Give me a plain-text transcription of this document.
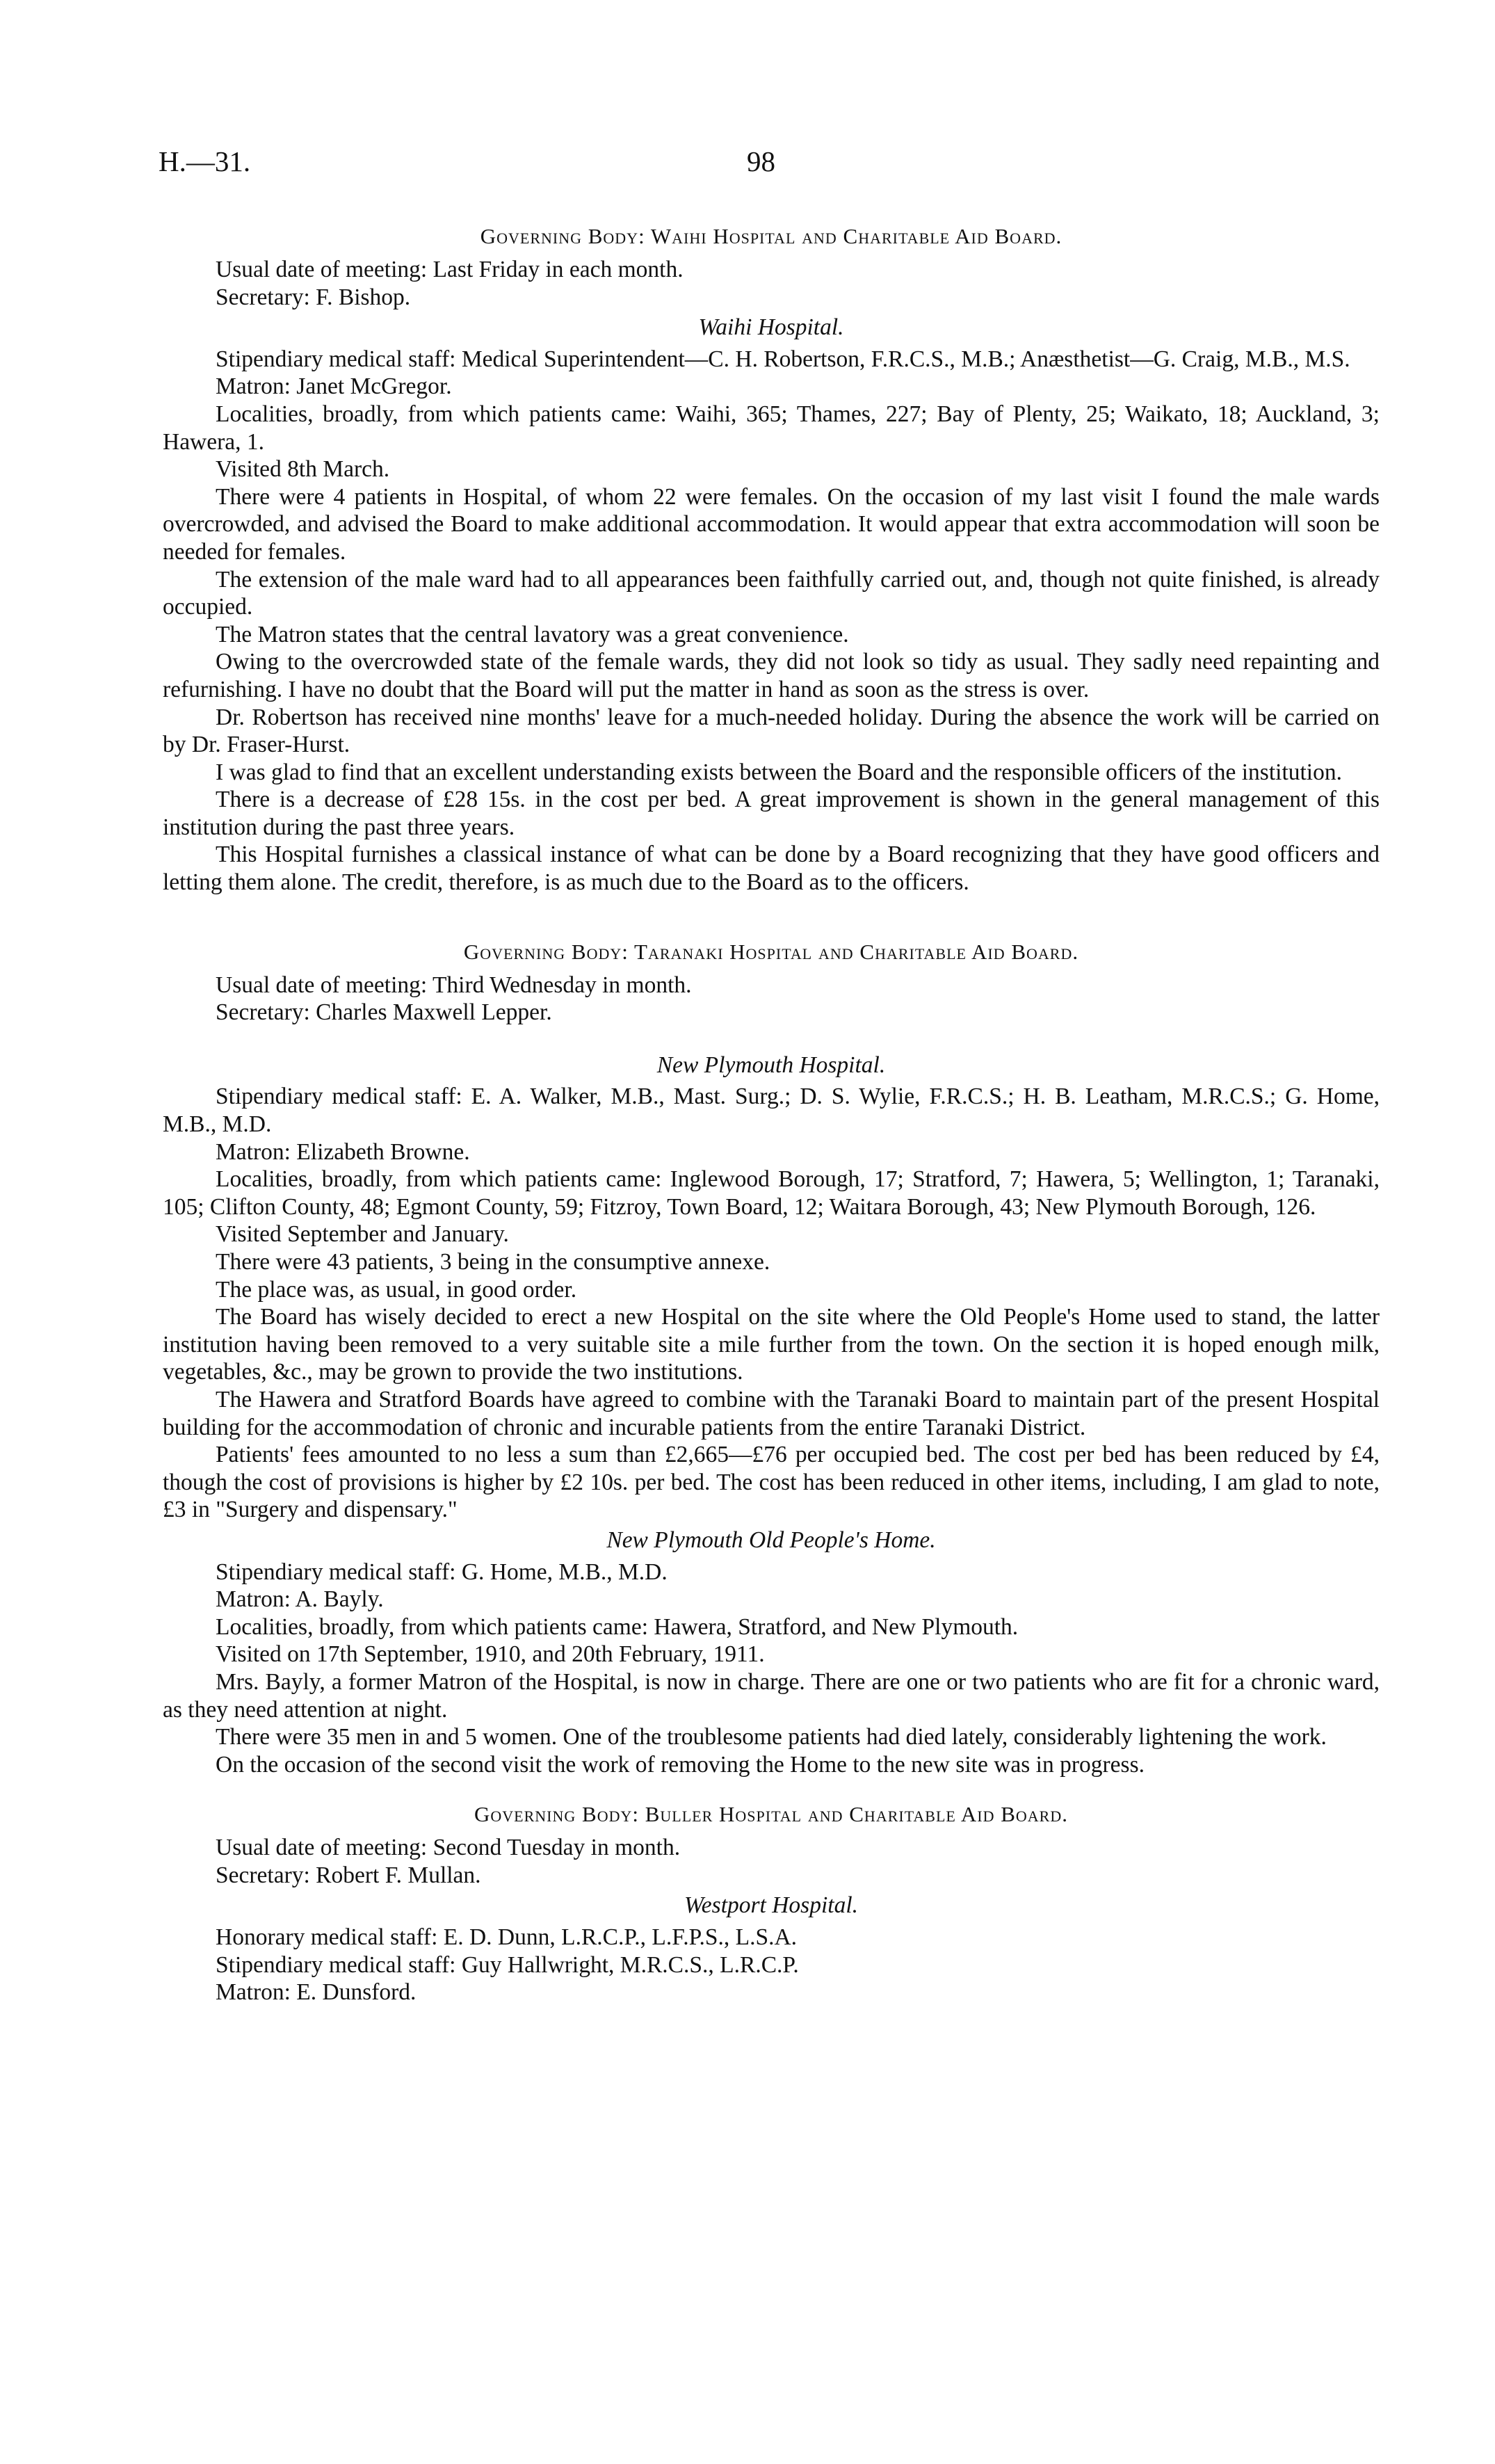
H.—31.	98
Governing Body: Waihi Hospital and Charitable Aid Board.

Usual date of meeting: Last Friday in each month.

Secretary: F. Bishop.

Waihi Hospital.

Stipendiary medical staff: Medical Superintendent—C. H. Robertson, F.R.C.S., M.B.; Anæsthetist—G. Craig, M.B., M.S.

Matron: Janet McGregor.

Localities, broadly, from which patients came: Waihi, 365; Thames, 227; Bay of Plenty, 25; Waikato, 18; Auckland, 3; Hawera, 1.

Visited 8th March.

There were 4 patients in Hospital, of whom 22 were females. On the occasion of my last visit I found the male wards overcrowded, and advised the Board to make additional accommodation. It would appear that extra accommodation will soon be needed for females.

The extension of the male ward had to all appearances been faithfully carried out, and, though not quite finished, is already occupied.

The Matron states that the central lavatory was a great convenience.

Owing to the overcrowded state of the female wards, they did not look so tidy as usual. They sadly need repainting and refurnishing. I have no doubt that the Board will put the matter in hand as soon as the stress is over.

Dr. Robertson has received nine months' leave for a much-needed holiday. During the absence the work will be carried on by Dr. Fraser-Hurst.

I was glad to find that an excellent understanding exists between the Board and the responsible officers of the institution.

There is a decrease of £28 15s. in the cost per bed. A great improvement is shown in the general management of this institution during the past three years.

This Hospital furnishes a classical instance of what can be done by a Board recognizing that they have good officers and letting them alone. The credit, therefore, is as much due to the Board as to the officers.

Governing Body: Taranaki Hospital and Charitable Aid Board.

Usual date of meeting: Third Wednesday in month.

Secretary: Charles Maxwell Lepper.

New Plymouth Hospital.

Stipendiary medical staff: E. A. Walker, M.B., Mast. Surg.; D. S. Wylie, F.R.C.S.; H. B. Leatham, M.R.C.S.; G. Home, M.B., M.D.

Matron: Elizabeth Browne.

Localities, broadly, from which patients came: Inglewood Borough, 17; Stratford, 7; Hawera, 5; Wellington, 1; Taranaki, 105; Clifton County, 48; Egmont County, 59; Fitzroy, Town Board, 12; Waitara Borough, 43; New Plymouth Borough, 126.

Visited September and January.

There were 43 patients, 3 being in the consumptive annexe.

The place was, as usual, in good order.

The Board has wisely decided to erect a new Hospital on the site where the Old People's Home used to stand, the latter institution having been removed to a very suitable site a mile further from the town. On the section it is hoped enough milk, vegetables, &c., may be grown to provide the two institutions.

The Hawera and Stratford Boards have agreed to combine with the Taranaki Board to maintain part of the present Hospital building for the accommodation of chronic and incurable patients from the entire Taranaki District.

Patients' fees amounted to no less a sum than £2,665—£76 per occupied bed. The cost per bed has been reduced by £4, though the cost of provisions is higher by £2 10s. per bed. The cost has been reduced in other items, including, I am glad to note, £3 in "Surgery and dispensary."

New Plymouth Old People's Home.

Stipendiary medical staff: G. Home, M.B., M.D.

Matron: A. Bayly.

Localities, broadly, from which patients came: Hawera, Stratford, and New Plymouth.

Visited on 17th September, 1910, and 20th February, 1911.

Mrs. Bayly, a former Matron of the Hospital, is now in charge. There are one or two patients who are fit for a chronic ward, as they need attention at night.

There were 35 men in and 5 women. One of the troublesome patients had died lately, considerably lightening the work.

On the occasion of the second visit the work of removing the Home to the new site was in progress.

Governing Body: Buller Hospital and Charitable Aid Board.

Usual date of meeting: Second Tuesday in month.

Secretary: Robert F. Mullan.

Westport Hospital.

Honorary medical staff: E. D. Dunn, L.R.C.P., L.F.P.S., L.S.A.

Stipendiary medical staff: Guy Hallwright, M.R.C.S., L.R.C.P.

Matron: E. Dunsford.
